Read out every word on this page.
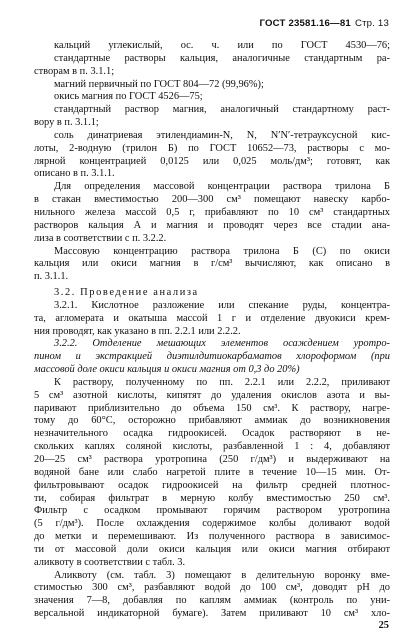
ГОСТ 23581.16—81 Стр. 13
кальций углекислый, ос. ч. или по ГОСТ 4530—76;
стандартные растворы кальция, аналогичные стандартным ра-
створам в п. 3.1.1;
магний первичный по ГОСТ 804—72 (99,96%);
окись магния по ГОСТ 4526—75;
стандартный раствор магния, аналогичный стандартному раст-
вору в п. 3.1.1;
соль динатриевая этилендиамин-N, N, N′N′-тетрауксусной кис-
лоты, 2-водную (трилон Б) по ГОСТ 10652—73, растворы с мо-
лярной концентрацией 0,0125 или 0,025 моль/дм³; готовят, как
описано в п. 3.1.1.
Для определения массовой концентрации раствора трилона Б
в стакан вместимостью 200—300 см³ помещают навеску карбо-
нильного железа массой 0,5 г, прибавляют по 10 см³ стандартных
растворов кальция А и магния и проводят через все стадии ана-
лиза в соответствии с п. 3.2.2.
Массовую концентрацию раствора трилона Б (С) по окиси
кальция или окиси магния в г/см³ вычисляют, как описано в
п. 3.1.1.
3.2. Проведение анализа
3.2.1. Кислотное разложение или спекание руды, концентра-
та, агломерата и окатыша массой 1 г и отделение двуокиси крем-
ния проводят, как указано в пп. 2.2.1 или 2.2.2.
3.2.2. Отделение мешающих элементов осаждением уротро-
пином и экстракцией диэтилдитиокарбаматов хлороформом (при
массовой доле окиси кальция и окиси магния от 0,3 до 20%)
К раствору, полученному по пп. 2.2.1 или 2.2.2, приливают
5 см³ азотной кислоты, кипятят до удаления окислов азота и вы-
паривают приблизительно до объема 150 см³. К раствору, нагре-
тому до 60°С, осторожно прибавляют аммиак до возникновения
незначительного осадка гидроокисей. Осадок растворяют в не-
скольких каплях соляной кислоты, разбавленной 1 : 4, добавляют
20—25 см³ раствора уротропина (250 г/дм³) и выдерживают на
водяной бане или слабо нагретой плите в течение 10—15 мин. От-
фильтровывают осадок гидроокисей на фильтр средней плотнос-
ти, собирая фильтрат в мерную колбу вместимостью 250 см³.
Фильтр с осадком промывают горячим раствором уротропина
(5 г/дм³). После охлаждения содержимое колбы доливают водой
до метки и перемешивают. Из полученного раствора в зависимос-
ти от массовой доли окиси кальция или окиси магния отбирают
аликвоту в соответствии с табл. 3.
Аликвоту (см. табл. 3) помещают в делительную воронку вме-
стимостью 300 см³, разбавляют водой до 100 см³, доводят рН до
значения 7—8, добавляя по каплям аммиак (контроль по уни-
версальной индикаторной бумаге). Затем приливают 10 см³ хло-
25
